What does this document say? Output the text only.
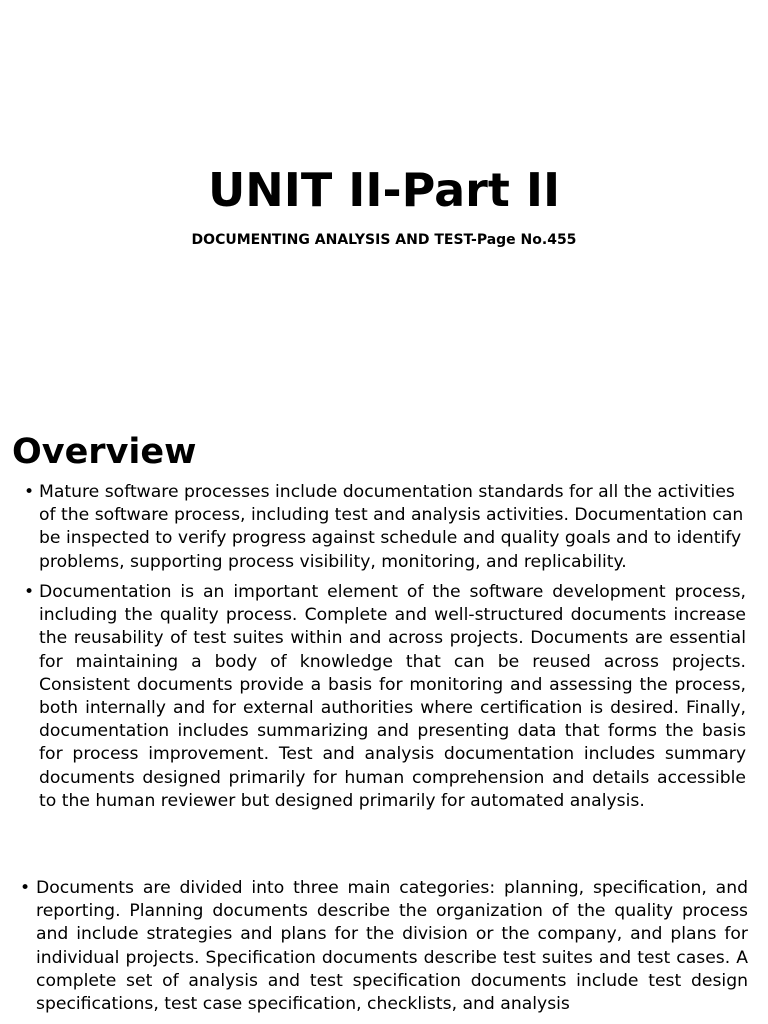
UNIT II-Part II

DOCUMENTING ANALYSIS AND TEST-Page No.455

Overview
• Mature software processes include documentation standards for all the activities of the software process, including test and analysis activities. Documentation can be inspected to verify progress against schedule and quality goals and to identify problems, supporting process visibility, monitoring, and replicability.

• Documentation is an important element of the software development process, including the quality process. Complete and well-structured documents increase the reusability of test suites within and across projects. Documents are essential for maintaining a body of knowledge that can be reused across projects. Consistent documents provide a basis for monitoring and assessing the process, both internally and for external authorities where certification is desired. Finally, documentation includes summarizing and presenting data that forms the basis for process improvement. Test and analysis documentation includes summary documents designed primarily for human comprehension and details accessible to the human reviewer but designed primarily for automated analysis.

• Documents are divided into three main categories: planning, specification, and reporting. Planning documents describe the organization of the quality process and include strategies and plans for the division or the company, and plans for individual projects. Specification documents describe test suites and test cases. A complete set of analysis and test specification documents include test design specifications, test case specification, checklists, and analysis
